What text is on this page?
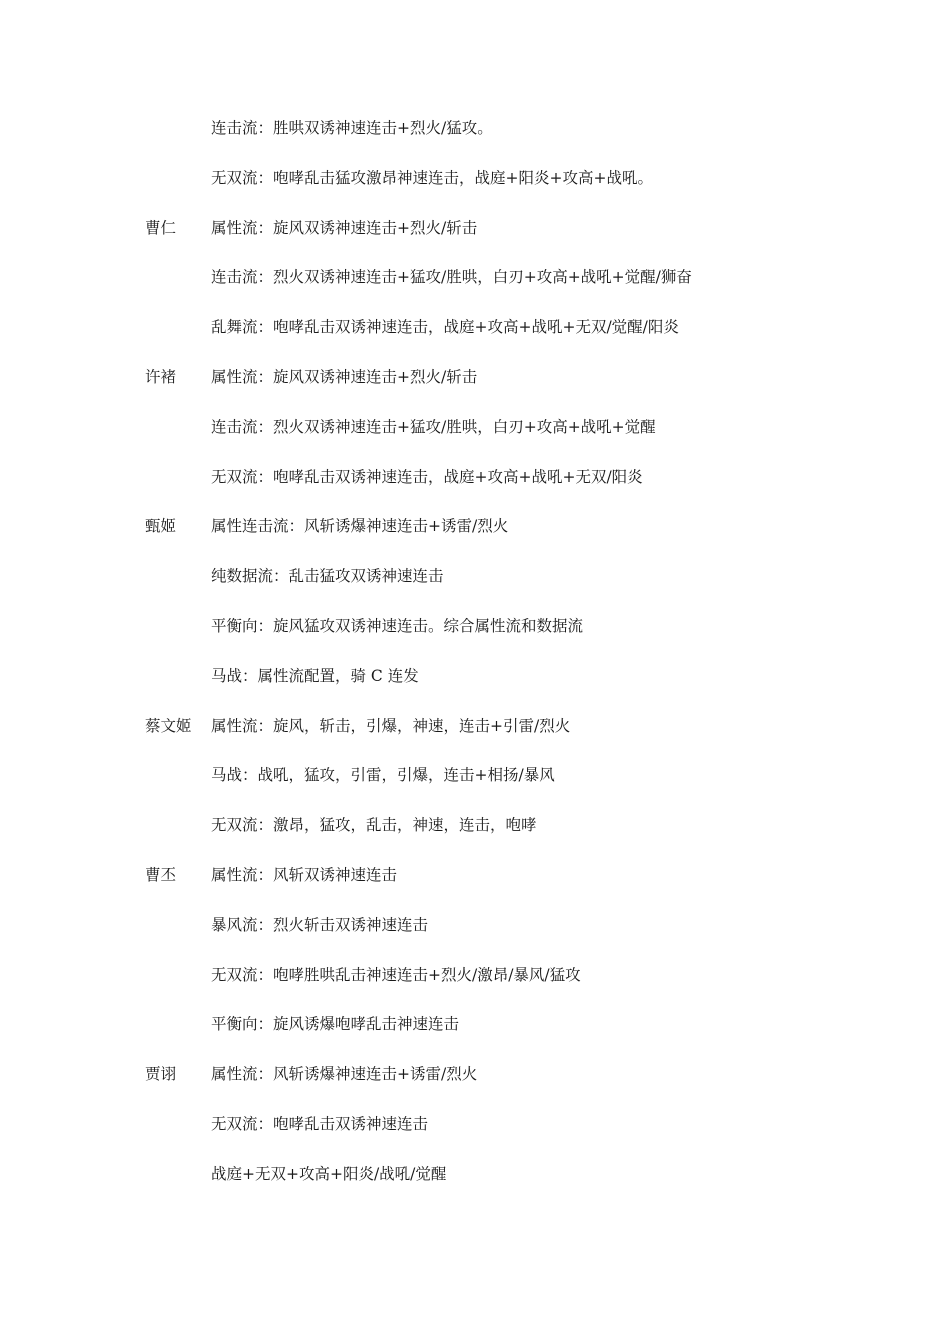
连击流：胜哄双诱神速连击+烈火/猛攻。
无双流：咆哮乱击猛攻激昂神速连击，战庭+阳炎+攻高+战吼。
曹仁 属性流：旋风双诱神速连击+烈火/斩击
连击流：烈火双诱神速连击+猛攻/胜哄，白刃+攻高+战吼+觉醒/狮奋
乱舞流：咆哮乱击双诱神速连击，战庭+攻高+战吼+无双/觉醒/阳炎
许褚 属性流：旋风双诱神速连击+烈火/斩击
连击流：烈火双诱神速连击+猛攻/胜哄，白刃+攻高+战吼+觉醒
无双流：咆哮乱击双诱神速连击，战庭+攻高+战吼+无双/阳炎
甄姬 属性连击流：风斩诱爆神速连击+诱雷/烈火
纯数据流：乱击猛攻双诱神速连击
平衡向：旋风猛攻双诱神速连击。综合属性流和数据流
马战：属性流配置，骑 C 连发
蔡文姬 属性流：旋风，斩击，引爆，神速，连击+引雷/烈火
马战：战吼，猛攻，引雷，引爆，连击+相扬/暴风
无双流：激昂，猛攻，乱击，神速，连击，咆哮
曹丕 属性流：风斩双诱神速连击
暴风流：烈火斩击双诱神速连击
无双流：咆哮胜哄乱击神速连击+烈火/激昂/暴风/猛攻
平衡向：旋风诱爆咆哮乱击神速连击
贾诩 属性流：风斩诱爆神速连击+诱雷/烈火
无双流：咆哮乱击双诱神速连击
战庭+无双+攻高+阳炎/战吼/觉醒
